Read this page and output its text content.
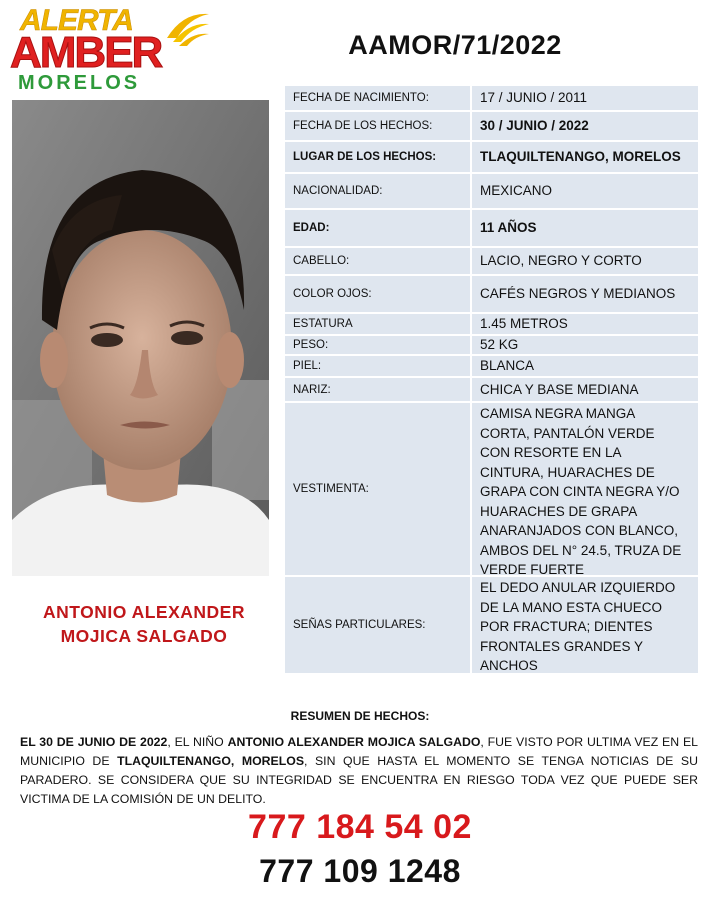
ALERTA
AMBER
MORELOS
AAMOR/71/2022
ANTONIO ALEXANDER
MOJICA SALGADO
FECHA DE NACIMIENTO:	17 / JUNIO / 2011
FECHA DE LOS HECHOS:	30 / JUNIO / 2022
LUGAR DE LOS HECHOS:	TLAQUILTENANGO, MORELOS
NACIONALIDAD:	MEXICANO
EDAD:	11 AÑOS
CABELLO:	LACIO, NEGRO Y CORTO
COLOR OJOS:	CAFÉS NEGROS Y MEDIANOS
ESTATURA	1.45 METROS
PESO:	52 KG
PIEL:	BLANCA
NARIZ:	CHICA Y BASE MEDIANA
VESTIMENTA:
CAMISA NEGRA MANGA
CORTA, PANTALÓN VERDE
CON RESORTE EN LA
CINTURA, HUARACHES DE
GRAPA CON CINTA NEGRA Y/O
HUARACHES DE GRAPA
ANARANJADOS CON BLANCO,
AMBOS DEL N° 24.5, TRUZA DE
VERDE FUERTE
SEÑAS PARTICULARES:
EL DEDO ANULAR IZQUIERDO
DE LA MANO ESTA CHUECO
POR FRACTURA; DIENTES
FRONTALES GRANDES Y
ANCHOS
RESUMEN DE HECHOS:
EL 30 DE JUNIO DE 2022, EL NIÑO ANTONIO ALEXANDER MOJICA SALGADO, FUE VISTO POR ULTIMA VEZ EN EL MUNICIPIO DE TLAQUILTENANGO, MORELOS, SIN QUE HASTA EL MOMENTO SE TENGA NOTICIAS DE SU PARADERO. SE CONSIDERA QUE SU INTEGRIDAD SE ENCUENTRA EN RIESGO TODA VEZ QUE PUEDE SER VICTIMA DE LA COMISIÓN DE UN DELITO.
777 184 54 02
777 109 1248
